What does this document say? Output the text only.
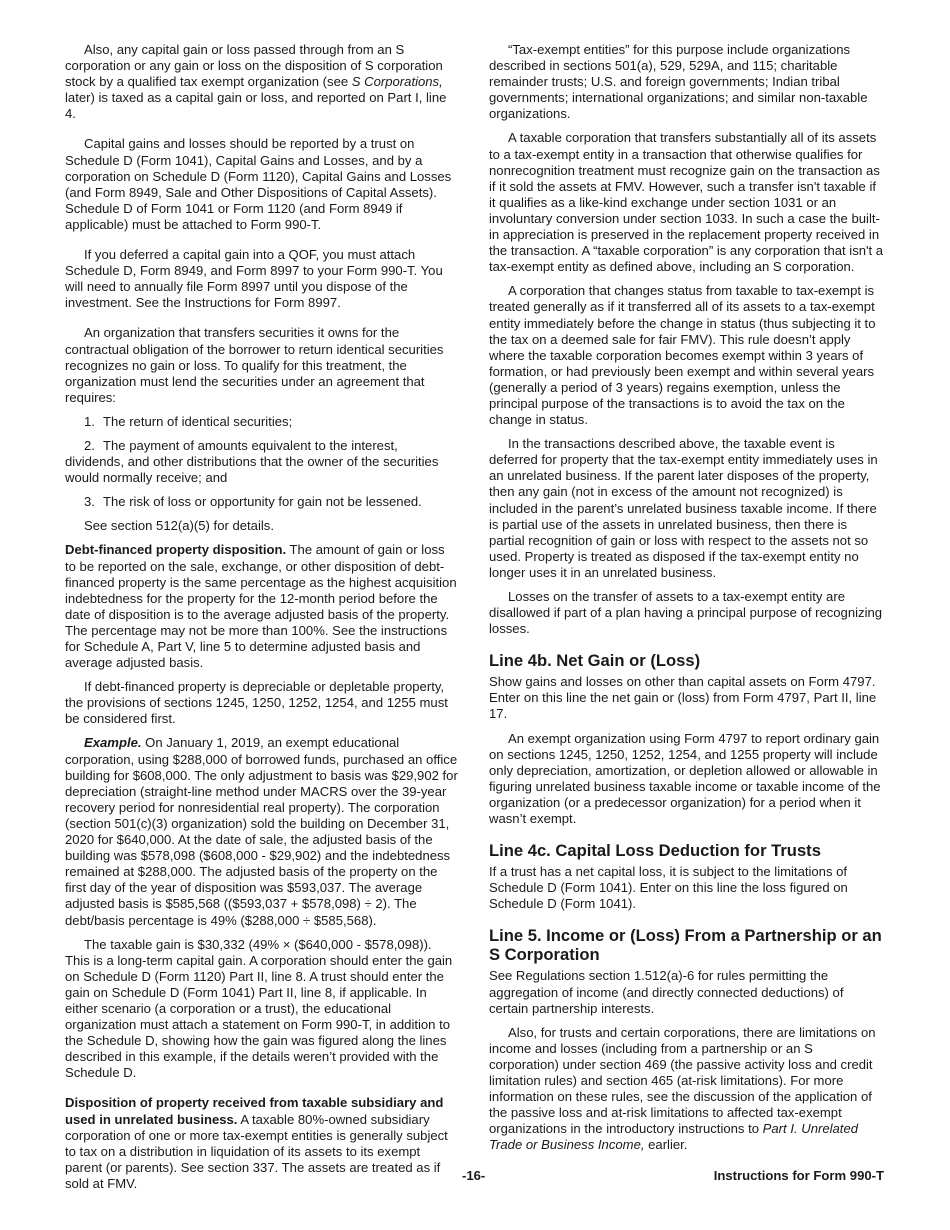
Also, any capital gain or loss passed through from an S corporation or any gain or loss on the disposition of S corporation stock by a qualified tax exempt organization (see S Corporations, later) is taxed as a capital gain or loss, and reported on Part I, line 4.

Capital gains and losses should be reported by a trust on Schedule D (Form 1041), Capital Gains and Losses, and by a corporation on Schedule D (Form 1120), Capital Gains and Losses (and Form 8949, Sale and Other Dispositions of Capital Assets). Schedule D of Form 1041 or Form 1120 (and Form 8949 if applicable) must be attached to Form 990-T.

If you deferred a capital gain into a QOF, you must attach Schedule D, Form 8949, and Form 8997 to your Form 990-T. You will need to annually file Form 8997 until you dispose of the investment. See the Instructions for Form 8997.

An organization that transfers securities it owns for the contractual obligation of the borrower to return identical securities recognizes no gain or loss. To qualify for this treatment, the organization must lend the securities under an agreement that requires:

1. The return of identical securities;
2. The payment of amounts equivalent to the interest, dividends, and other distributions that the owner of the securities would normally receive; and
3. The risk of loss or opportunity for gain not be lessened.

See section 512(a)(5) for details.

Debt-financed property disposition. The amount of gain or loss to be reported on the sale, exchange, or other disposition of debt-financed property is the same percentage as the highest acquisition indebtedness for the property for the 12-month period before the date of disposition is to the average adjusted basis of the property. The percentage may not be more than 100%. See the instructions for Schedule A, Part V, line 5 to determine adjusted basis and average adjusted basis.

If debt-financed property is depreciable or depletable property, the provisions of sections 1245, 1250, 1252, 1254, and 1255 must be considered first.

Example. On January 1, 2019, an exempt educational corporation, using $288,000 of borrowed funds, purchased an office building for $608,000. The only adjustment to basis was $29,902 for depreciation (straight-line method under MACRS over the 39-year recovery period for nonresidential real property). The corporation (section 501(c)(3) organization) sold the building on December 31, 2020 for $640,000. At the date of sale, the adjusted basis of the building was $578,098 ($608,000 - $29,902) and the indebtedness remained at $288,000. The adjusted basis of the property on the first day of the year of disposition was $593,037. The average adjusted basis is $585,568 (($593,037 + $578,098) ÷ 2). The debt/basis percentage is 49% ($288,000 ÷ $585,568).

The taxable gain is $30,332 (49% × ($640,000 - $578,098)). This is a long-term capital gain. A corporation should enter the gain on Schedule D (Form 1120) Part II, line 8. A trust should enter the gain on Schedule D (Form 1041) Part II, line 8, if applicable. In either scenario (a corporation or a trust), the educational organization must attach a statement on Form 990-T, in addition to the Schedule D, showing how the gain was figured along the lines described in this example, if the details weren’t provided with the Schedule D.

Disposition of property received from taxable subsidiary and used in unrelated business. A taxable 80%-owned subsidiary corporation of one or more tax-exempt entities is generally subject to tax on a distribution in liquidation of its assets to its exempt parent (or parents). See section 337. The assets are treated as if sold at FMV.

“Tax-exempt entities” for this purpose include organizations described in sections 501(a), 529, 529A, and 115; charitable remainder trusts; U.S. and foreign governments; Indian tribal governments; international organizations; and similar non-taxable organizations.

A taxable corporation that transfers substantially all of its assets to a tax-exempt entity in a transaction that otherwise qualifies for nonrecognition treatment must recognize gain on the transaction as if it sold the assets at FMV. However, such a transfer isn't taxable if it qualifies as a like-kind exchange under section 1031 or an involuntary conversion under section 1033. In such a case the built-in appreciation is preserved in the replacement property received in the transaction. A “taxable corporation” is any corporation that isn't a tax-exempt entity as defined above, including an S corporation.

A corporation that changes status from taxable to tax-exempt is treated generally as if it transferred all of its assets to a tax-exempt entity immediately before the change in status (thus subjecting it to the tax on a deemed sale for fair FMV). This rule doesn’t apply where the taxable corporation becomes exempt within 3 years of formation, or had previously been exempt and within several years (generally a period of 3 years) regains exemption, unless the principal purpose of the transactions is to avoid the tax on the change in status.

In the transactions described above, the taxable event is deferred for property that the tax-exempt entity immediately uses in an unrelated business. If the parent later disposes of the property, then any gain (not in excess of the amount not recognized) is included in the parent’s unrelated business taxable income. If there is partial use of the assets in unrelated business, then there is partial recognition of gain or loss with respect to the assets not so used. Property is treated as disposed if the tax-exempt entity no longer uses it in an unrelated business.

Losses on the transfer of assets to a tax-exempt entity are disallowed if part of a plan having a principal purpose of recognizing losses.

Line 4b. Net Gain or (Loss)

Show gains and losses on other than capital assets on Form 4797. Enter on this line the net gain or (loss) from Form 4797, Part II, line 17.

An exempt organization using Form 4797 to report ordinary gain on sections 1245, 1250, 1252, 1254, and 1255 property will include only depreciation, amortization, or depletion allowed or allowable in figuring unrelated business taxable income or taxable income of the organization (or a predecessor organization) for a period when it wasn’t exempt.

Line 4c. Capital Loss Deduction for Trusts

If a trust has a net capital loss, it is subject to the limitations of Schedule D (Form 1041). Enter on this line the loss figured on Schedule D (Form 1041).

Line 5. Income or (Loss) From a Partnership or an S Corporation

See Regulations section 1.512(a)-6 for rules permitting the aggregation of income (and directly connected deductions) of certain partnership interests.

Also, for trusts and certain corporations, there are limitations on income and losses (including from a partnership or an S corporation) under section 469 (the passive activity loss and credit limitation rules) and section 465 (at-risk limitations). For more information on these rules, see the discussion of the application of the passive loss and at-risk limitations to affected tax-exempt organizations in the introductory instructions to Part I. Unrelated Trade or Business Income, earlier.

-16-	Instructions for Form 990-T
